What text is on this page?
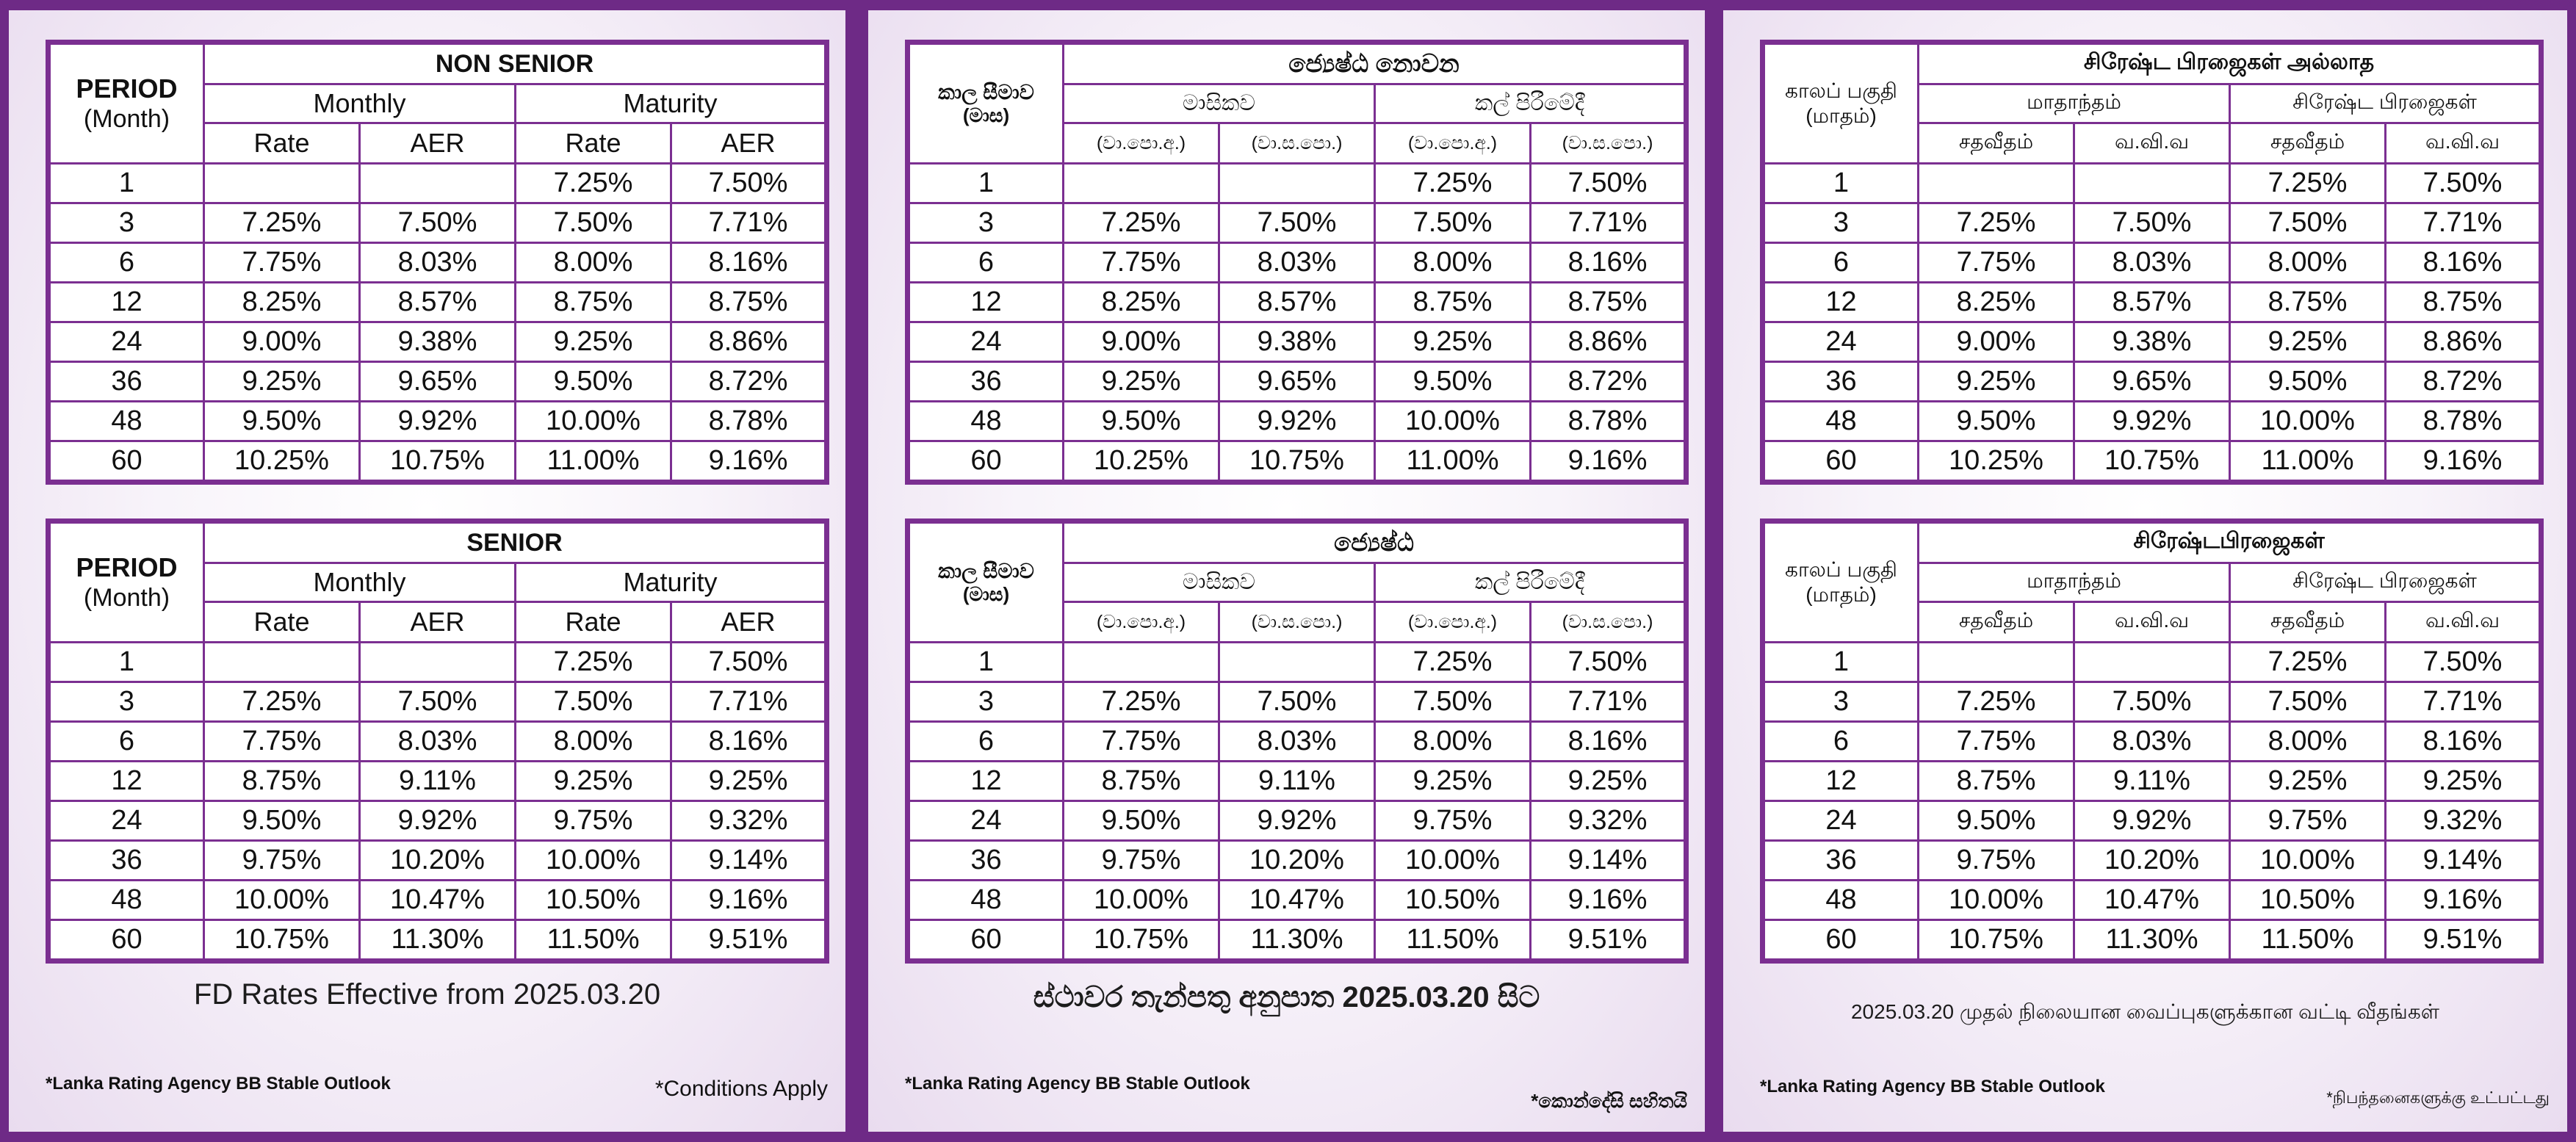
PERIOD
(Month)	NON SENIOR			
	Monthly		Maturity	
	Rate	AER	Rate	AER
1			7.25%	7.50%
3	7.25%	7.50%	7.50%	7.71%
6	7.75%	8.03%	8.00%	8.16%
12	8.25%	8.57%	8.75%	8.75%
24	9.00%	9.38%	9.25%	8.86%
36	9.25%	9.65%	9.50%	8.72%
48	9.50%	9.92%	10.00%	8.78%
60	10.25%	10.75%	11.00%	9.16%
PERIOD
(Month)	SENIOR			
	Monthly		Maturity	
	Rate	AER	Rate	AER
1			7.25%	7.50%
3	7.25%	7.50%	7.50%	7.71%
6	7.75%	8.03%	8.00%	8.16%
12	8.75%	9.11%	9.25%	9.25%
24	9.50%	9.92%	9.75%	9.32%
36	9.75%	10.20%	10.00%	9.14%
48	10.00%	10.47%	10.50%	9.16%
60	10.75%	11.30%	11.50%	9.51%
FD Rates Effective from 2025.03.20
*Lanka Rating Agency BB Stable Outlook	*Conditions Apply
කාල සීමාව
(මාස)	ජ්‍යෙෂ්ඨ නොවන			
	මාසිකව		කල් පිරීමේදී	
	(වා.පො.අ.)	(වා.ස.පො.)	(වා.පො.අ.)	(වා.ස.පො.)
1			7.25%	7.50%
3	7.25%	7.50%	7.50%	7.71%
6	7.75%	8.03%	8.00%	8.16%
12	8.25%	8.57%	8.75%	8.75%
24	9.00%	9.38%	9.25%	8.86%
36	9.25%	9.65%	9.50%	8.72%
48	9.50%	9.92%	10.00%	8.78%
60	10.25%	10.75%	11.00%	9.16%
කාල සීමාව
(මාස)	ජ්‍යෙෂ්ඨ			
	මාසිකව		කල් පිරීමේදී	
	(වා.පො.අ.)	(වා.ස.පො.)	(වා.පො.අ.)	(වා.ස.පො.)
1			7.25%	7.50%
3	7.25%	7.50%	7.50%	7.71%
6	7.75%	8.03%	8.00%	8.16%
12	8.75%	9.11%	9.25%	9.25%
24	9.50%	9.92%	9.75%	9.32%
36	9.75%	10.20%	10.00%	9.14%
48	10.00%	10.47%	10.50%	9.16%
60	10.75%	11.30%	11.50%	9.51%
ස්ථාවර තැන්පතු අනුපාත 2025.03.20 සිට
*Lanka Rating Agency BB Stable Outlook
*කොන්දේසි සහිතයි
காலப் பகுதி
(மாதம்)	சிரேஷ்ட பிரஜைகள் அல்லாத			
	மாதாந்தம்		சிரேஷ்ட பிரஜைகள்	
	சதவீதம்	வ.வி.வ	சதவீதம்	வ.வி.வ
1			7.25%	7.50%
3	7.25%	7.50%	7.50%	7.71%
6	7.75%	8.03%	8.00%	8.16%
12	8.25%	8.57%	8.75%	8.75%
24	9.00%	9.38%	9.25%	8.86%
36	9.25%	9.65%	9.50%	8.72%
48	9.50%	9.92%	10.00%	8.78%
60	10.25%	10.75%	11.00%	9.16%
காலப் பகுதி
(மாதம்)	சிரேஷ்டபிரஜைகள்			
	மாதாந்தம்		சிரேஷ்ட பிரஜைகள்	
	சதவீதம்	வ.வி.வ	சதவீதம்	வ.வி.வ
1			7.25%	7.50%
3	7.25%	7.50%	7.50%	7.71%
6	7.75%	8.03%	8.00%	8.16%
12	8.75%	9.11%	9.25%	9.25%
24	9.50%	9.92%	9.75%	9.32%
36	9.75%	10.20%	10.00%	9.14%
48	10.00%	10.47%	10.50%	9.16%
60	10.75%	11.30%	11.50%	9.51%
2025.03.20 முதல் நிலையான வைப்புகளுக்கான வட்டி வீதங்கள்
*Lanka Rating Agency BB Stable Outlook
*நிபந்தனைகளுக்கு உட்பட்டது
